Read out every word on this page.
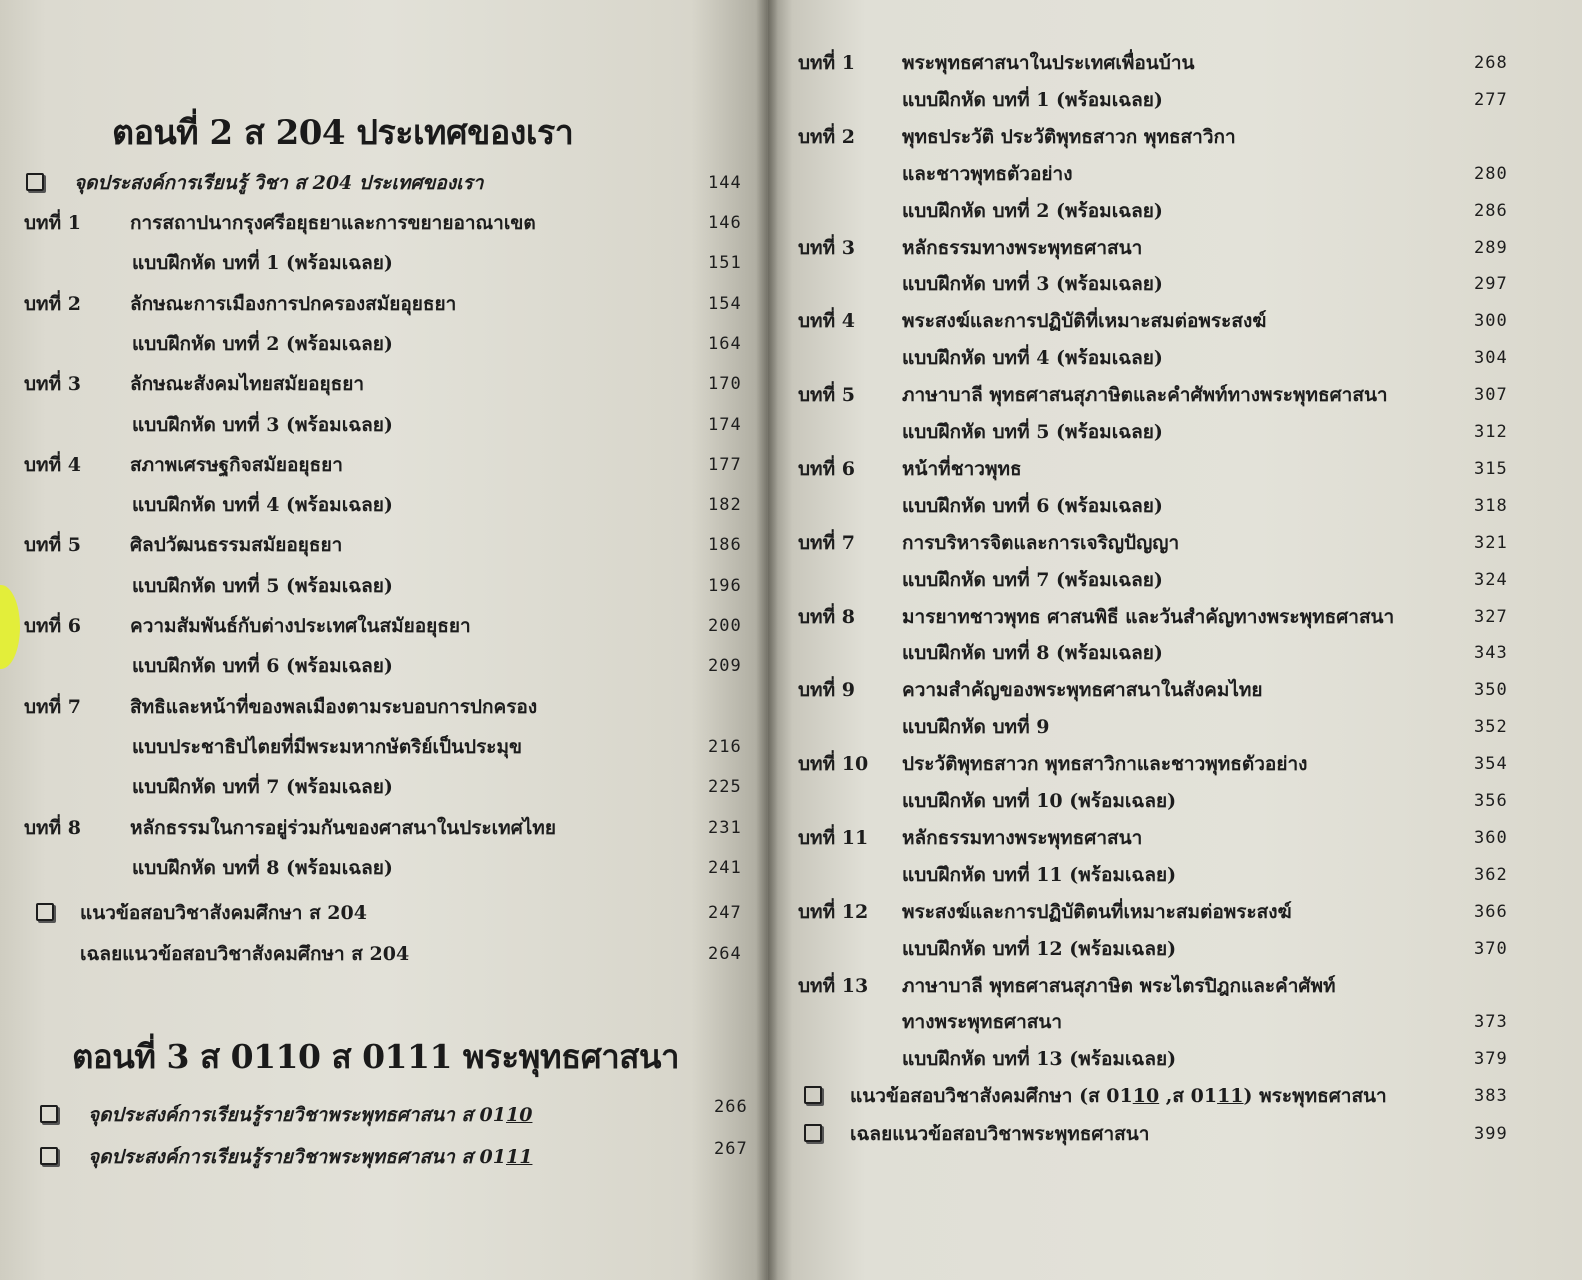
ตอนที่ 2 ส 204 ประเทศของเรา
จุดประสงค์การเรียนรู้ วิชา ส 204 ประเทศของเรา	144
บทที่ 1	การสถาปนากรุงศรีอยุธยาและการขยายอาณาเขต	146
แบบฝึกหัด บทที่ 1 (พร้อมเฉลย)	151
บทที่ 2	ลักษณะการเมืองการปกครองสมัยอุยธยา	154
แบบฝึกหัด บทที่ 2 (พร้อมเฉลย)	164
บทที่ 3	ลักษณะสังคมไทยสมัยอยุธยา	170
แบบฝึกหัด บทที่ 3 (พร้อมเฉลย)	174
บทที่ 4	สภาพเศรษฐกิจสมัยอยุธยา	177
แบบฝึกหัด บทที่ 4 (พร้อมเฉลย)	182
บทที่ 5	ศิลปวัฒนธรรมสมัยอยุธยา	186
แบบฝึกหัด บทที่ 5 (พร้อมเฉลย)	196
บทที่ 6	ความสัมพันธ์กับต่างประเทศในสมัยอยุธยา	200
แบบฝึกหัด บทที่ 6 (พร้อมเฉลย)	209
บทที่ 7	สิทธิและหน้าที่ของพลเมืองตามระบอบการปกครอง
แบบประชาธิปไตยที่มีพระมหากษัตริย์เป็นประมุข	216
แบบฝึกหัด บทที่ 7 (พร้อมเฉลย)	225
บทที่ 8	หลักธรรมในการอยู่ร่วมกันของศาสนาในประเทศไทย	231
แบบฝึกหัด บทที่ 8 (พร้อมเฉลย)	241
แนวข้อสอบวิชาสังคมศึกษา ส 204	247
เฉลยแนวข้อสอบวิชาสังคมศึกษา ส 204	264
ตอนที่ 3 ส 0110 ส 0111 พระพุทธศาสนา
จุดประสงค์การเรียนรู้รายวิชาพระพุทธศาสนา ส 0110	266
จุดประสงค์การเรียนรู้รายวิชาพระพุทธศาสนา ส 0111	267
บทที่ 1 พระพุทธศาสนาในประเทศเพื่อนบ้าน	268
แบบฝึกหัด บทที่ 1 (พร้อมเฉลย)	277
บทที่ 2 พุทธประวัติ ประวัติพุทธสาวก พุทธสาวิกา
และชาวพุทธตัวอย่าง	280
แบบฝึกหัด บทที่ 2 (พร้อมเฉลย)	286
บทที่ 3 หลักธรรมทางพระพุทธศาสนา	289
แบบฝึกหัด บทที่ 3 (พร้อมเฉลย)	297
บทที่ 4 พระสงฆ์และการปฏิบัติที่เหมาะสมต่อพระสงฆ์	300
แบบฝึกหัด บทที่ 4 (พร้อมเฉลย)	304
บทที่ 5 ภาษาบาลี พุทธศาสนสุภาษิตและคำศัพท์ทางพระพุทธศาสนา	307
แบบฝึกหัด บทที่ 5 (พร้อมเฉลย)	312
บทที่ 6 หน้าที่ชาวพุทธ	315
แบบฝึกหัด บทที่ 6 (พร้อมเฉลย)	318
บทที่ 7 การบริหารจิตและการเจริญปัญญา	321
แบบฝึกหัด บทที่ 7 (พร้อมเฉลย)	324
บทที่ 8 มารยาทชาวพุทธ ศาสนพิธี และวันสำคัญทางพระพุทธศาสนา	327
แบบฝึกหัด บทที่ 8 (พร้อมเฉลย)	343
บทที่ 9 ความสำคัญของพระพุทธศาสนาในสังคมไทย	350
แบบฝึกหัด บทที่ 9	352
บทที่ 10 ประวัติพุทธสาวก พุทธสาวิกาและชาวพุทธตัวอย่าง	354
แบบฝึกหัด บทที่ 10 (พร้อมเฉลย)	356
บทที่ 11 หลักธรรมทางพระพุทธศาสนา	360
แบบฝึกหัด บทที่ 11 (พร้อมเฉลย)	362
บทที่ 12 พระสงฆ์และการปฏิบัติตนที่เหมาะสมต่อพระสงฆ์	366
แบบฝึกหัด บทที่ 12 (พร้อมเฉลย)	370
บทที่ 13 ภาษาบาลี พุทธศาสนสุภาษิต พระไตรปิฎกและคำศัพท์
ทางพระพุทธศาสนา	373
แบบฝึกหัด บทที่ 13 (พร้อมเฉลย)	379
แนวข้อสอบวิชาสังคมศึกษา (ส 0110 ,ส 0111) พระพุทธศาสนา	383
เฉลยแนวข้อสอบวิชาพระพุทธศาสนา	399
